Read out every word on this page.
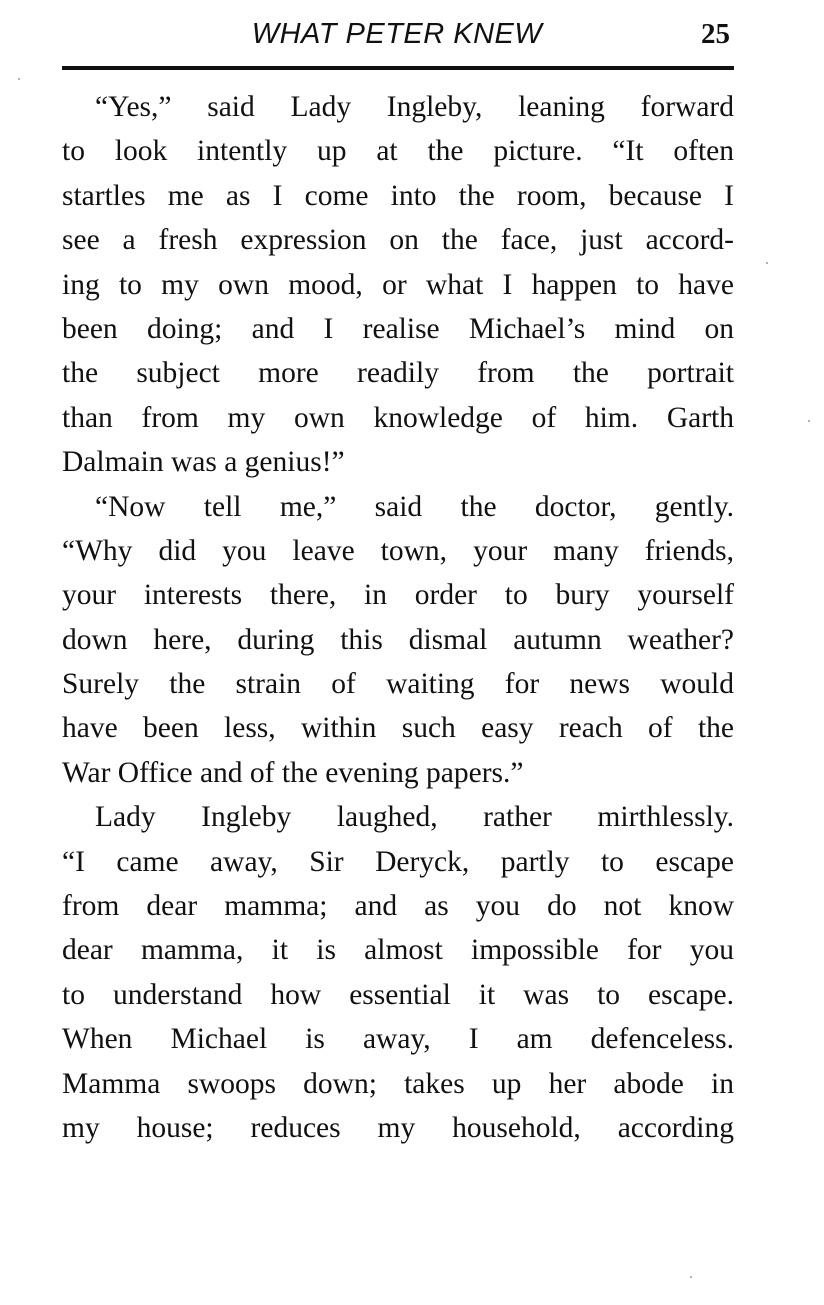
WHAT PETER KNEW	25
“Yes,” said Lady Ingleby, leaning forward
to look intently up at the picture. “It often
startles me as I come into the room, because I
see a fresh expression on the face, just accord-
ing to my own mood, or what I happen to have
been doing; and I realise Michael’s mind on
the subject more readily from the portrait
than from my own knowledge of him. Garth
Dalmain was a genius!”
“Now tell me,” said the doctor, gently.
“Why did you leave town, your many friends,
your interests there, in order to bury yourself
down here, during this dismal autumn weather?
Surely the strain of waiting for news would
have been less, within such easy reach of the
War Office and of the evening papers.”
Lady Ingleby laughed, rather mirthlessly.
“I came away, Sir Deryck, partly to escape
from dear mamma; and as you do not know
dear mamma, it is almost impossible for you
to understand how essential it was to escape.
When Michael is away, I am defenceless.
Mamma swoops down; takes up her abode in
my house; reduces my household, according
